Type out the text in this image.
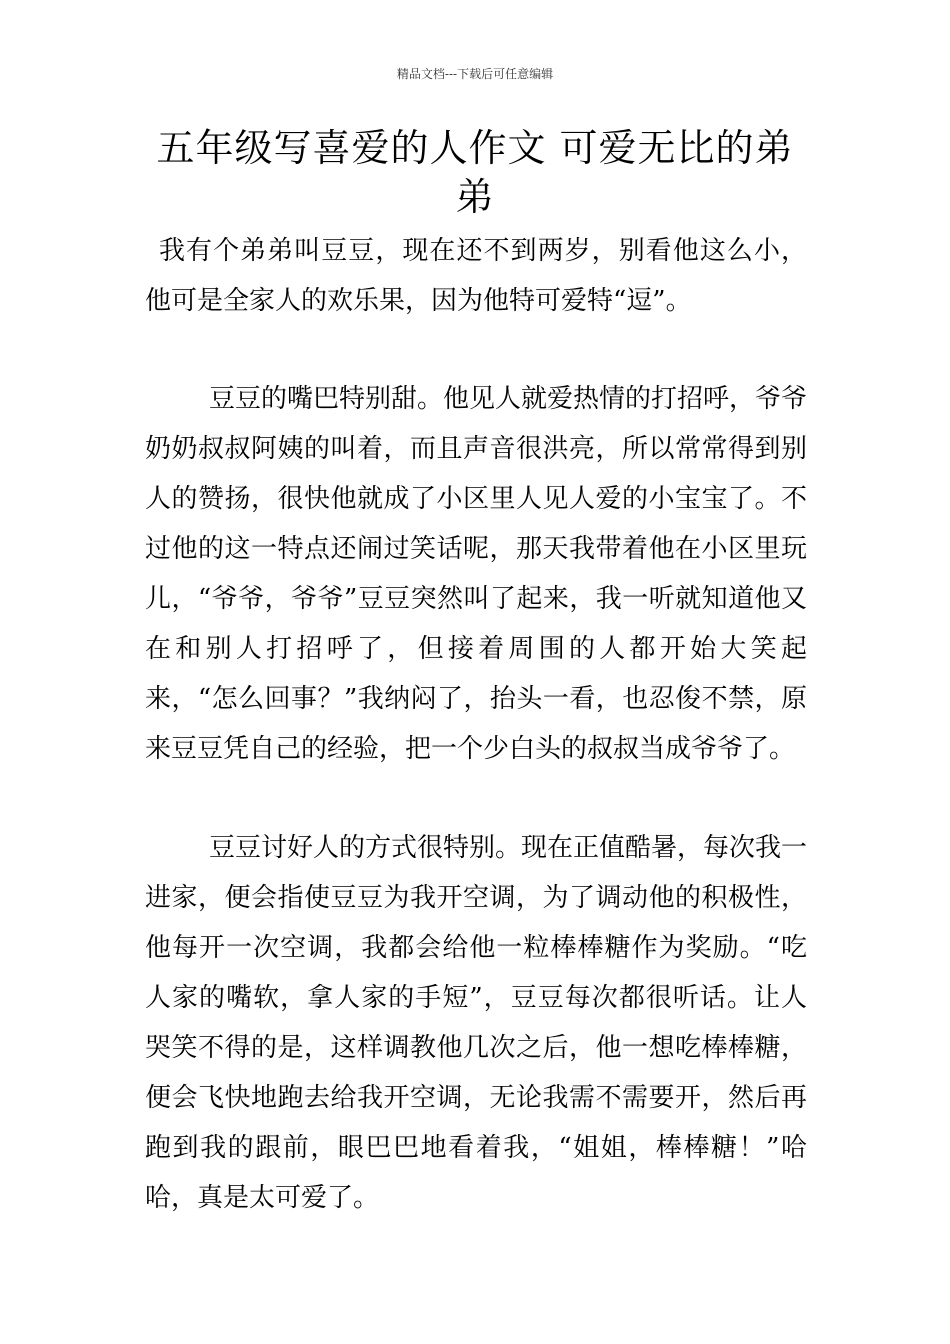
精品文档---下载后可任意编辑
五年级写喜爱的人作文 可爱无比的弟弟

我有个弟弟叫豆豆，现在还不到两岁，别看他这么小，他可是全家人的欢乐果，因为他特可爱特“逗”。

豆豆的嘴巴特别甜。他见人就爱热情的打招呼，爷爷奶奶叔叔阿姨的叫着，而且声音很洪亮，所以常常得到别人的赞扬，很快他就成了小区里人见人爱的小宝宝了。不过他的这一特点还闹过笑话呢，那天我带着他在小区里玩儿，“爷爷，爷爷”豆豆突然叫了起来，我一听就知道他又在和别人打招呼了，但接着周围的人都开始大笑起来，“怎么回事？”我纳闷了，抬头一看，也忍俊不禁，原来豆豆凭自己的经验，把一个少白头的叔叔当成爷爷了。

豆豆讨好人的方式很特别。现在正值酷暑，每次我一进家，便会指使豆豆为我开空调，为了调动他的积极性，他每开一次空调，我都会给他一粒棒棒糖作为奖励。“吃人家的嘴软，拿人家的手短”，豆豆每次都很听话。让人哭笑不得的是，这样调教他几次之后，他一想吃棒棒糖，便会飞快地跑去给我开空调，无论我需不需要开，然后再跑到我的跟前，眼巴巴地看着我，“姐姐，棒棒糖！”哈哈，真是太可爱了。
